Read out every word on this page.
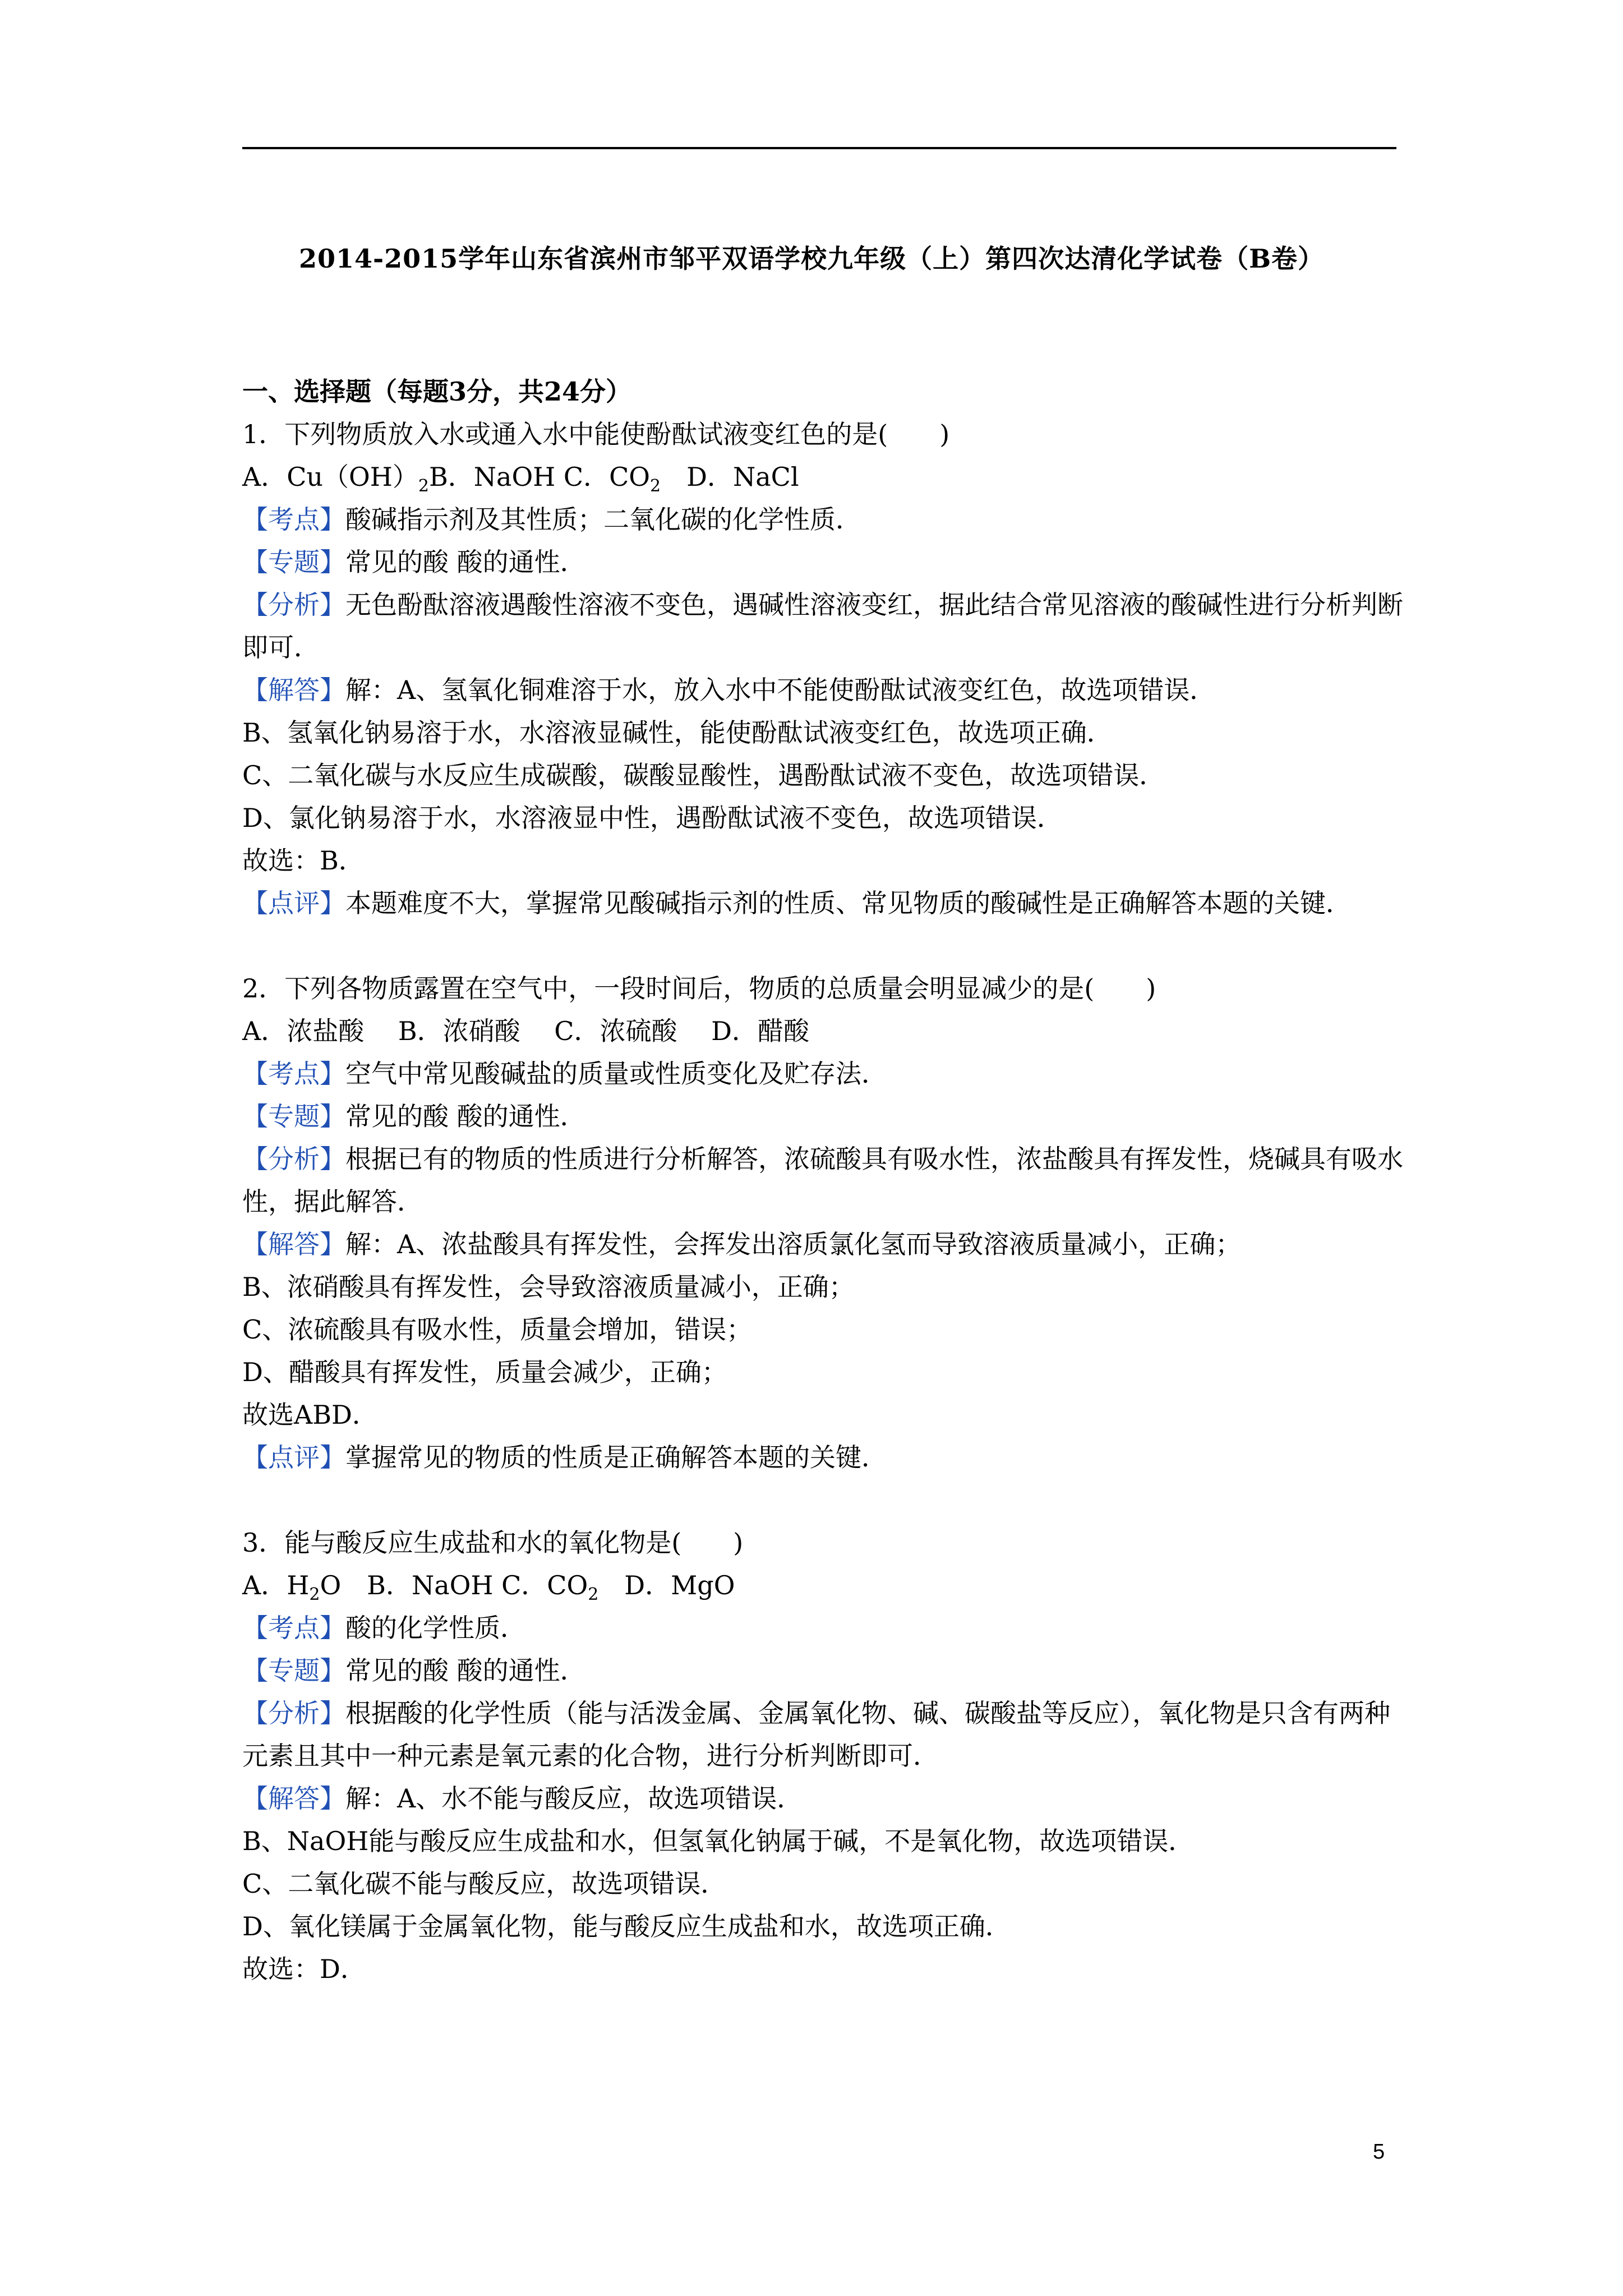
2014-2015学年山东省滨州市邹平双语学校九年级（上）第四次达清化学试卷（B卷）
一、选择题（每题3分，共24分）
1．下列物质放入水或通入水中能使酚酞试液变红色的是(　　)
A．$Cu(OH)_2B$．NaOH C．$CO_2$　D．NaCl
【考点】酸碱指示剂及其性质；二氧化碳的化学性质．
【专题】常见的酸 酸的通性．
【分析】无色酚酞溶液遇酸性溶液不变色，遇碱性溶液变红，据此结合常见溶液的酸碱性进行分析判断即可．
【解答】解：A、氢氧化铜难溶于水，放入水中不能使酚酞试液变红色，故选项错误．
B、氢氧化钠易溶于水，水溶液显碱性，能使酚酞试液变红色，故选项正确．
C、二氧化碳与水反应生成碳酸，碳酸显酸性，遇酚酞试液不变色，故选项错误．
D、氯化钠易溶于水，水溶液显中性，遇酚酞试液不变色，故选项错误．
故选：B．
【点评】本题难度不大，掌握常见酸碱指示剂的性质、常见物质的酸碱性是正确解答本题的关键．
2．下列各物质露置在空气中，一段时间后，物质的总质量会明显减少的是(　　)
A．浓盐酸　 B．浓硝酸　 C．浓硫酸　 D．醋酸
【考点】空气中常见酸碱盐的质量或性质变化及贮存法．
【专题】常见的酸 酸的通性．
【分析】根据已有的物质的性质进行分析解答，浓硫酸具有吸水性，浓盐酸具有挥发性，烧碱具有吸水性，据此解答．
【解答】解：A、浓盐酸具有挥发性，会挥发出溶质氯化氢而导致溶液质量减小，正确；
B、浓硝酸具有挥发性，会导致溶液质量减小，正确；
C、浓硫酸具有吸水性，质量会增加，错误；
D、醋酸具有挥发性，质量会减少，正确；
故选ABD．
【点评】掌握常见的物质的性质是正确解答本题的关键．
3．能与酸反应生成盐和水的氧化物是(　　)
A．$H_2O$　B．NaOH C．$CO_2$　D．MgO
【考点】酸的化学性质．
【专题】常见的酸 酸的通性．
【分析】根据酸的化学性质（能与活泼金属、金属氧化物、碱、碳酸盐等反应），氧化物是只含有两种元素且其中一种元素是氧元素的化合物，进行分析判断即可．
【解答】解：A、水不能与酸反应，故选项错误．
B、NaOH能与酸反应生成盐和水，但氢氧化钠属于碱，不是氧化物，故选项错误．
C、二氧化碳不能与酸反应，故选项错误．
D、氧化镁属于金属氧化物，能与酸反应生成盐和水，故选项正确．
故选：D．
5
